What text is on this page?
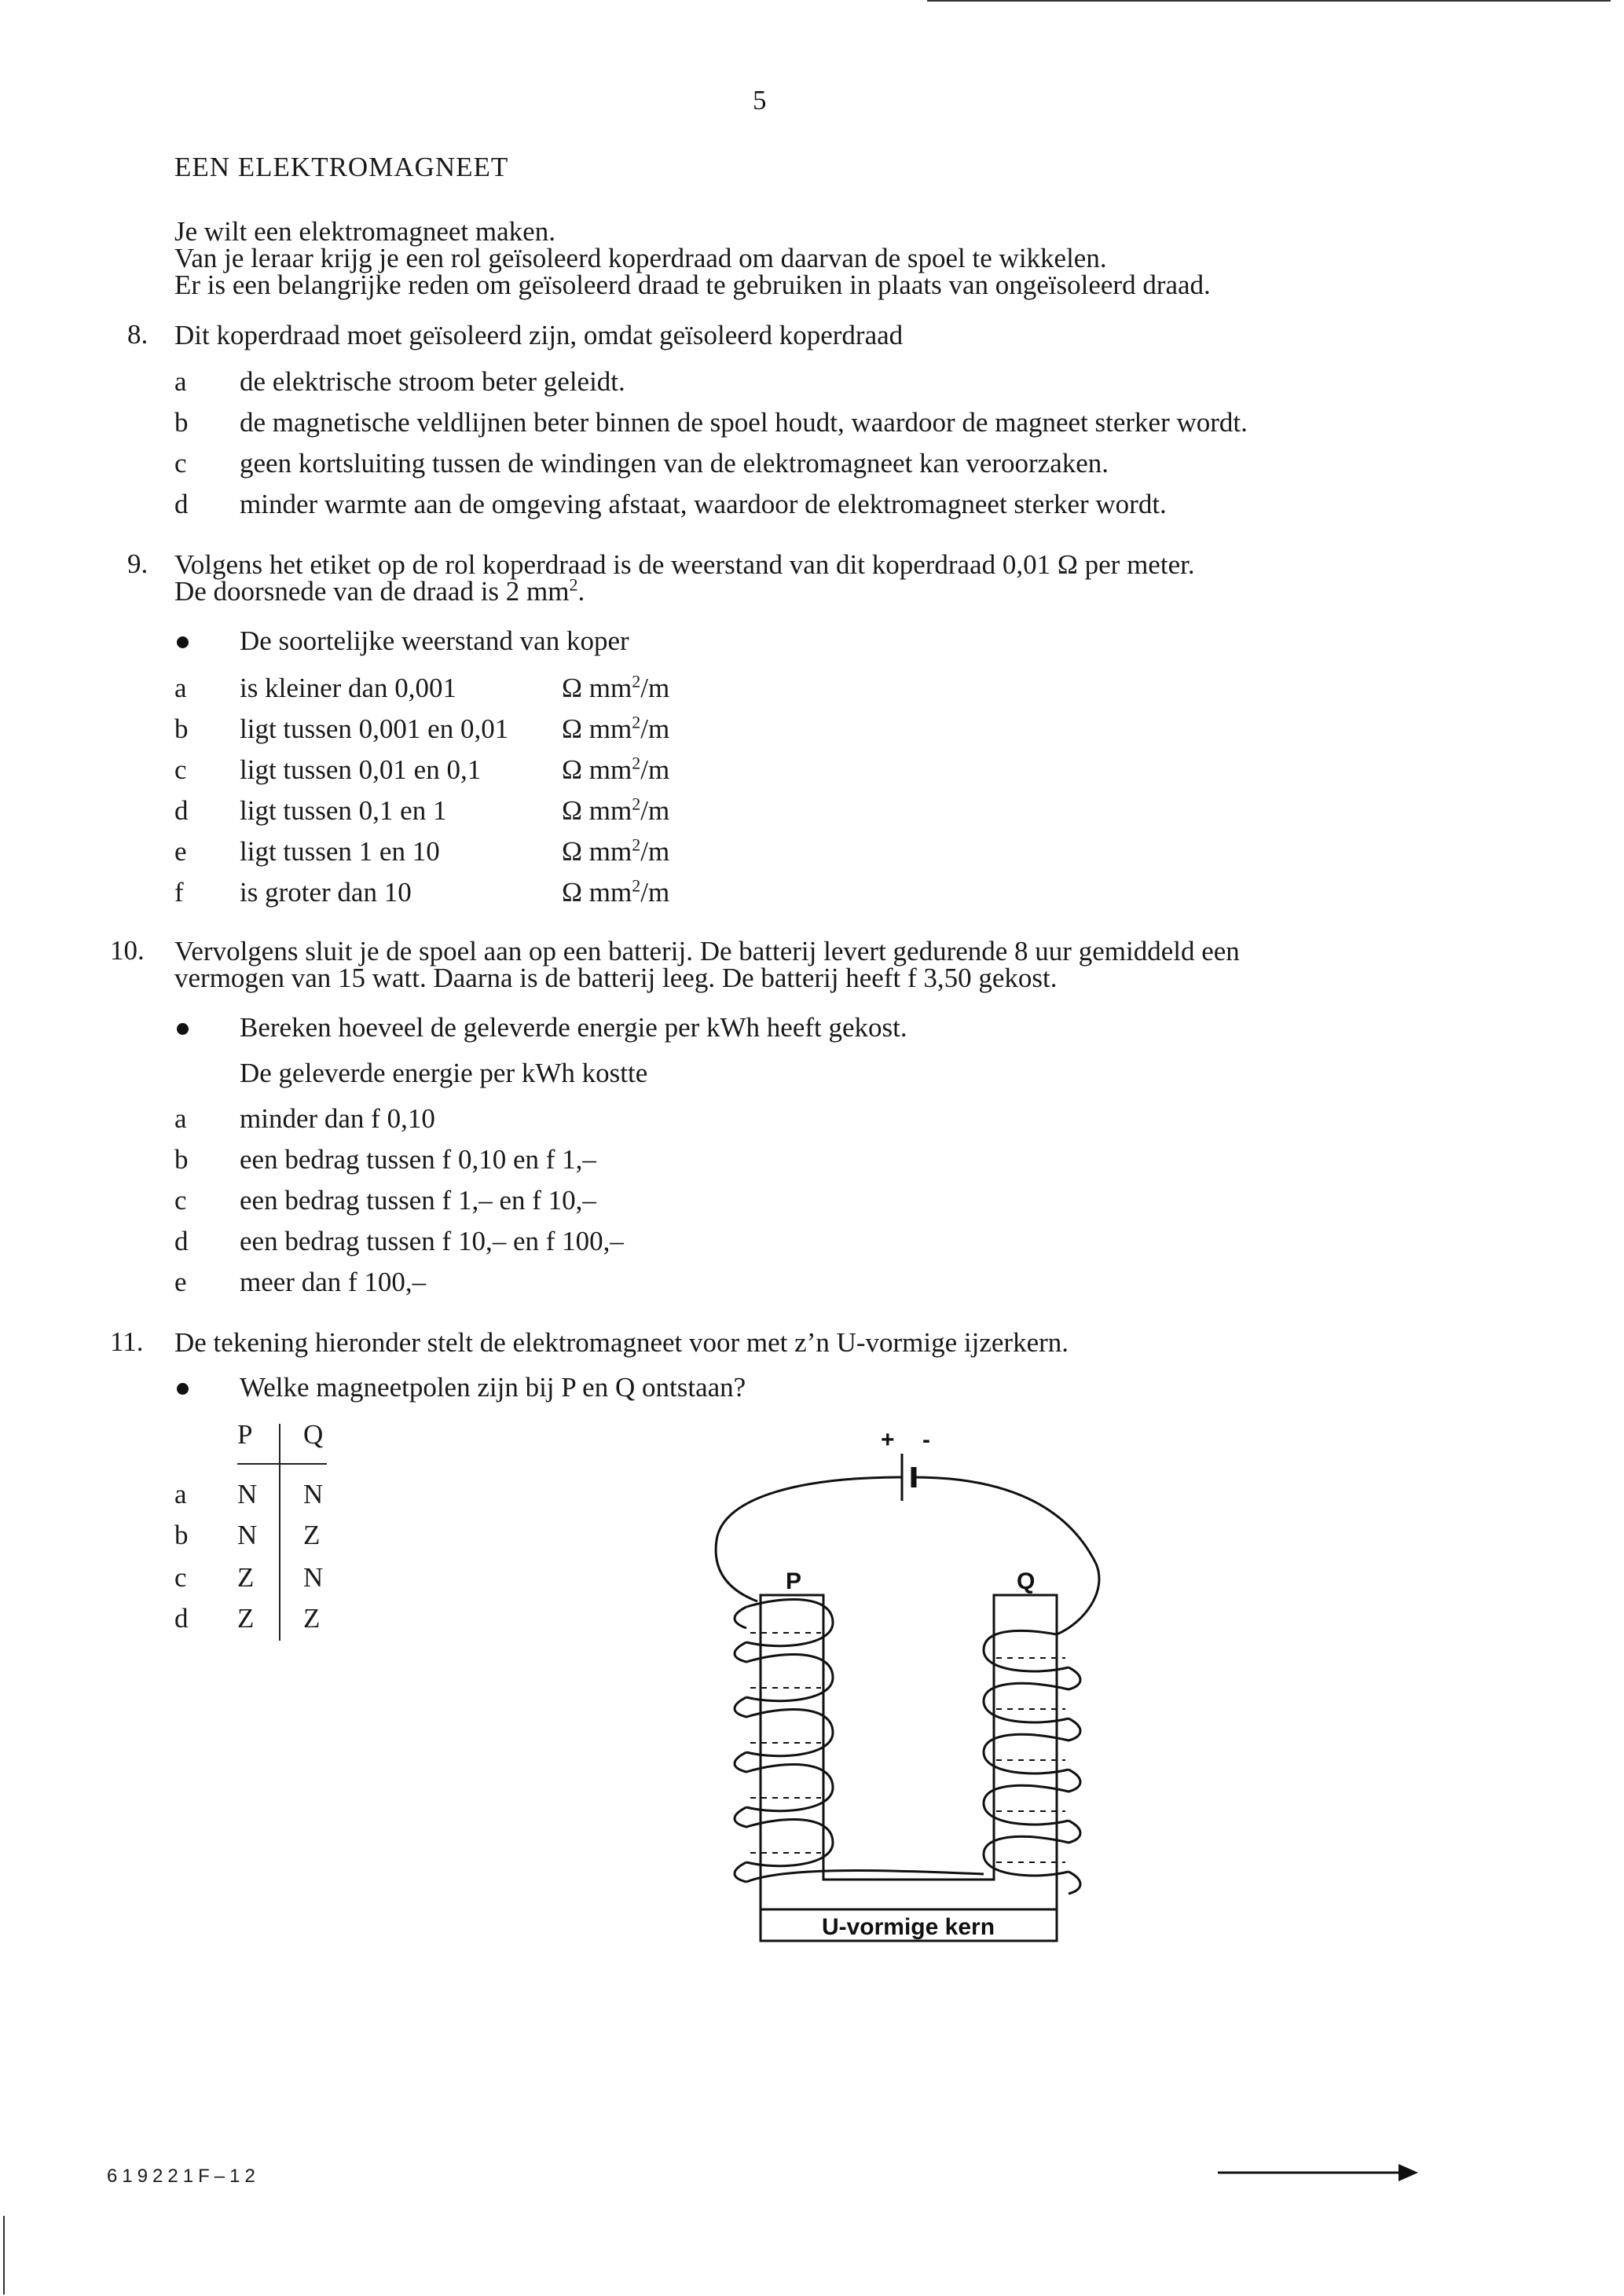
5
EEN ELEKTROMAGNEET
Je wilt een elektromagneet maken.
Van je leraar krijg je een rol geïsoleerd koperdraad om daarvan de spoel te wikkelen.
Er is een belangrijke reden om geïsoleerd draad te gebruiken in plaats van ongeïsoleerd draad.
8. Dit koperdraad moet geïsoleerd zijn, omdat geïsoleerd koperdraad
a de elektrische stroom beter geleidt.
b de magnetische veldlijnen beter binnen de spoel houdt, waardoor de magneet sterker wordt.
c geen kortsluiting tussen de windingen van de elektromagneet kan veroorzaken.
d minder warmte aan de omgeving afstaat, waardoor de elektromagneet sterker wordt.
9. Volgens het etiket op de rol koperdraad is de weerstand van dit koperdraad 0,01 Ω per meter.
De doorsnede van de draad is 2 $mm^2$.
De soortelijke weerstand van koper
a is kleiner dan 0,001	Ω $mm^2/m$
b ligt tussen 0,001 en 0,01 Ω $mm^2/m$
c ligt tussen 0,01 en 0,1	Ω $mm^2/m$
d ligt tussen 0,1 en 1	Ω $mm^2/m$
e ligt tussen 1 en 10	Ω $mm^2/m$
f is groter dan 10	Ω $mm^2/m$
10. Vervolgens sluit je de spoel aan op een batterij. De batterij levert gedurende 8 uur gemiddeld een
vermogen van 15 watt. Daarna is de batterij leeg. De batterij heeft f 3,50 gekost.
Bereken hoeveel de geleverde energie per kWh heeft gekost.
De geleverde energie per kWh kostte
a minder dan f 0,10
b een bedrag tussen f 0,10 en f 1,–
c een bedrag tussen f 1,– en f 10,–
d een bedrag tussen f 10,– en f 100,–
e meer dan f 100,–
11. De tekening hieronder stelt de elektromagneet voor met z’n U-vormige ijzerkern.
Welke magneetpolen zijn bij P en Q ontstaan?
P Q
a N N
b N Z
c Z N
d Z Z
+ -
P	Q
U-vormige kern
619221F–12
